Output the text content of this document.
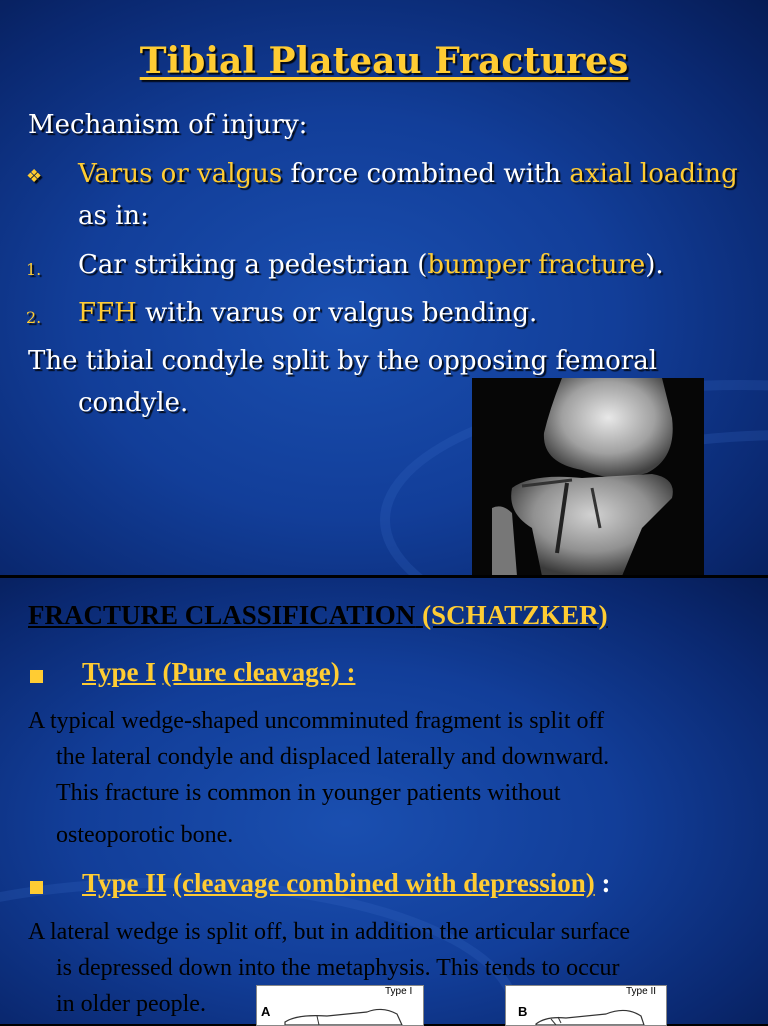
Tibial Plateau Fractures
Mechanism of injury:
❖ Varus or valgus force combined with axial loading
as in:
1. Car striking a pedestrian (bumper fracture).
2. FFH with varus or valgus bending.
The tibial condyle split by the opposing femoral
condyle.
FRACTURE CLASSIFICATION (SCHATZKER)
Type I (Pure cleavage) :
A typical wedge-shaped uncomminuted fragment is split off
the lateral condyle and displaced laterally and downward.
This fracture is common in younger patients without
osteoporotic bone.
Type II (cleavage combined with depression) :
A lateral wedge is split off, but in addition the articular surface
is depressed down into the metaphysis. This tends to occur
in older people.	A
Type I
B
Type II
